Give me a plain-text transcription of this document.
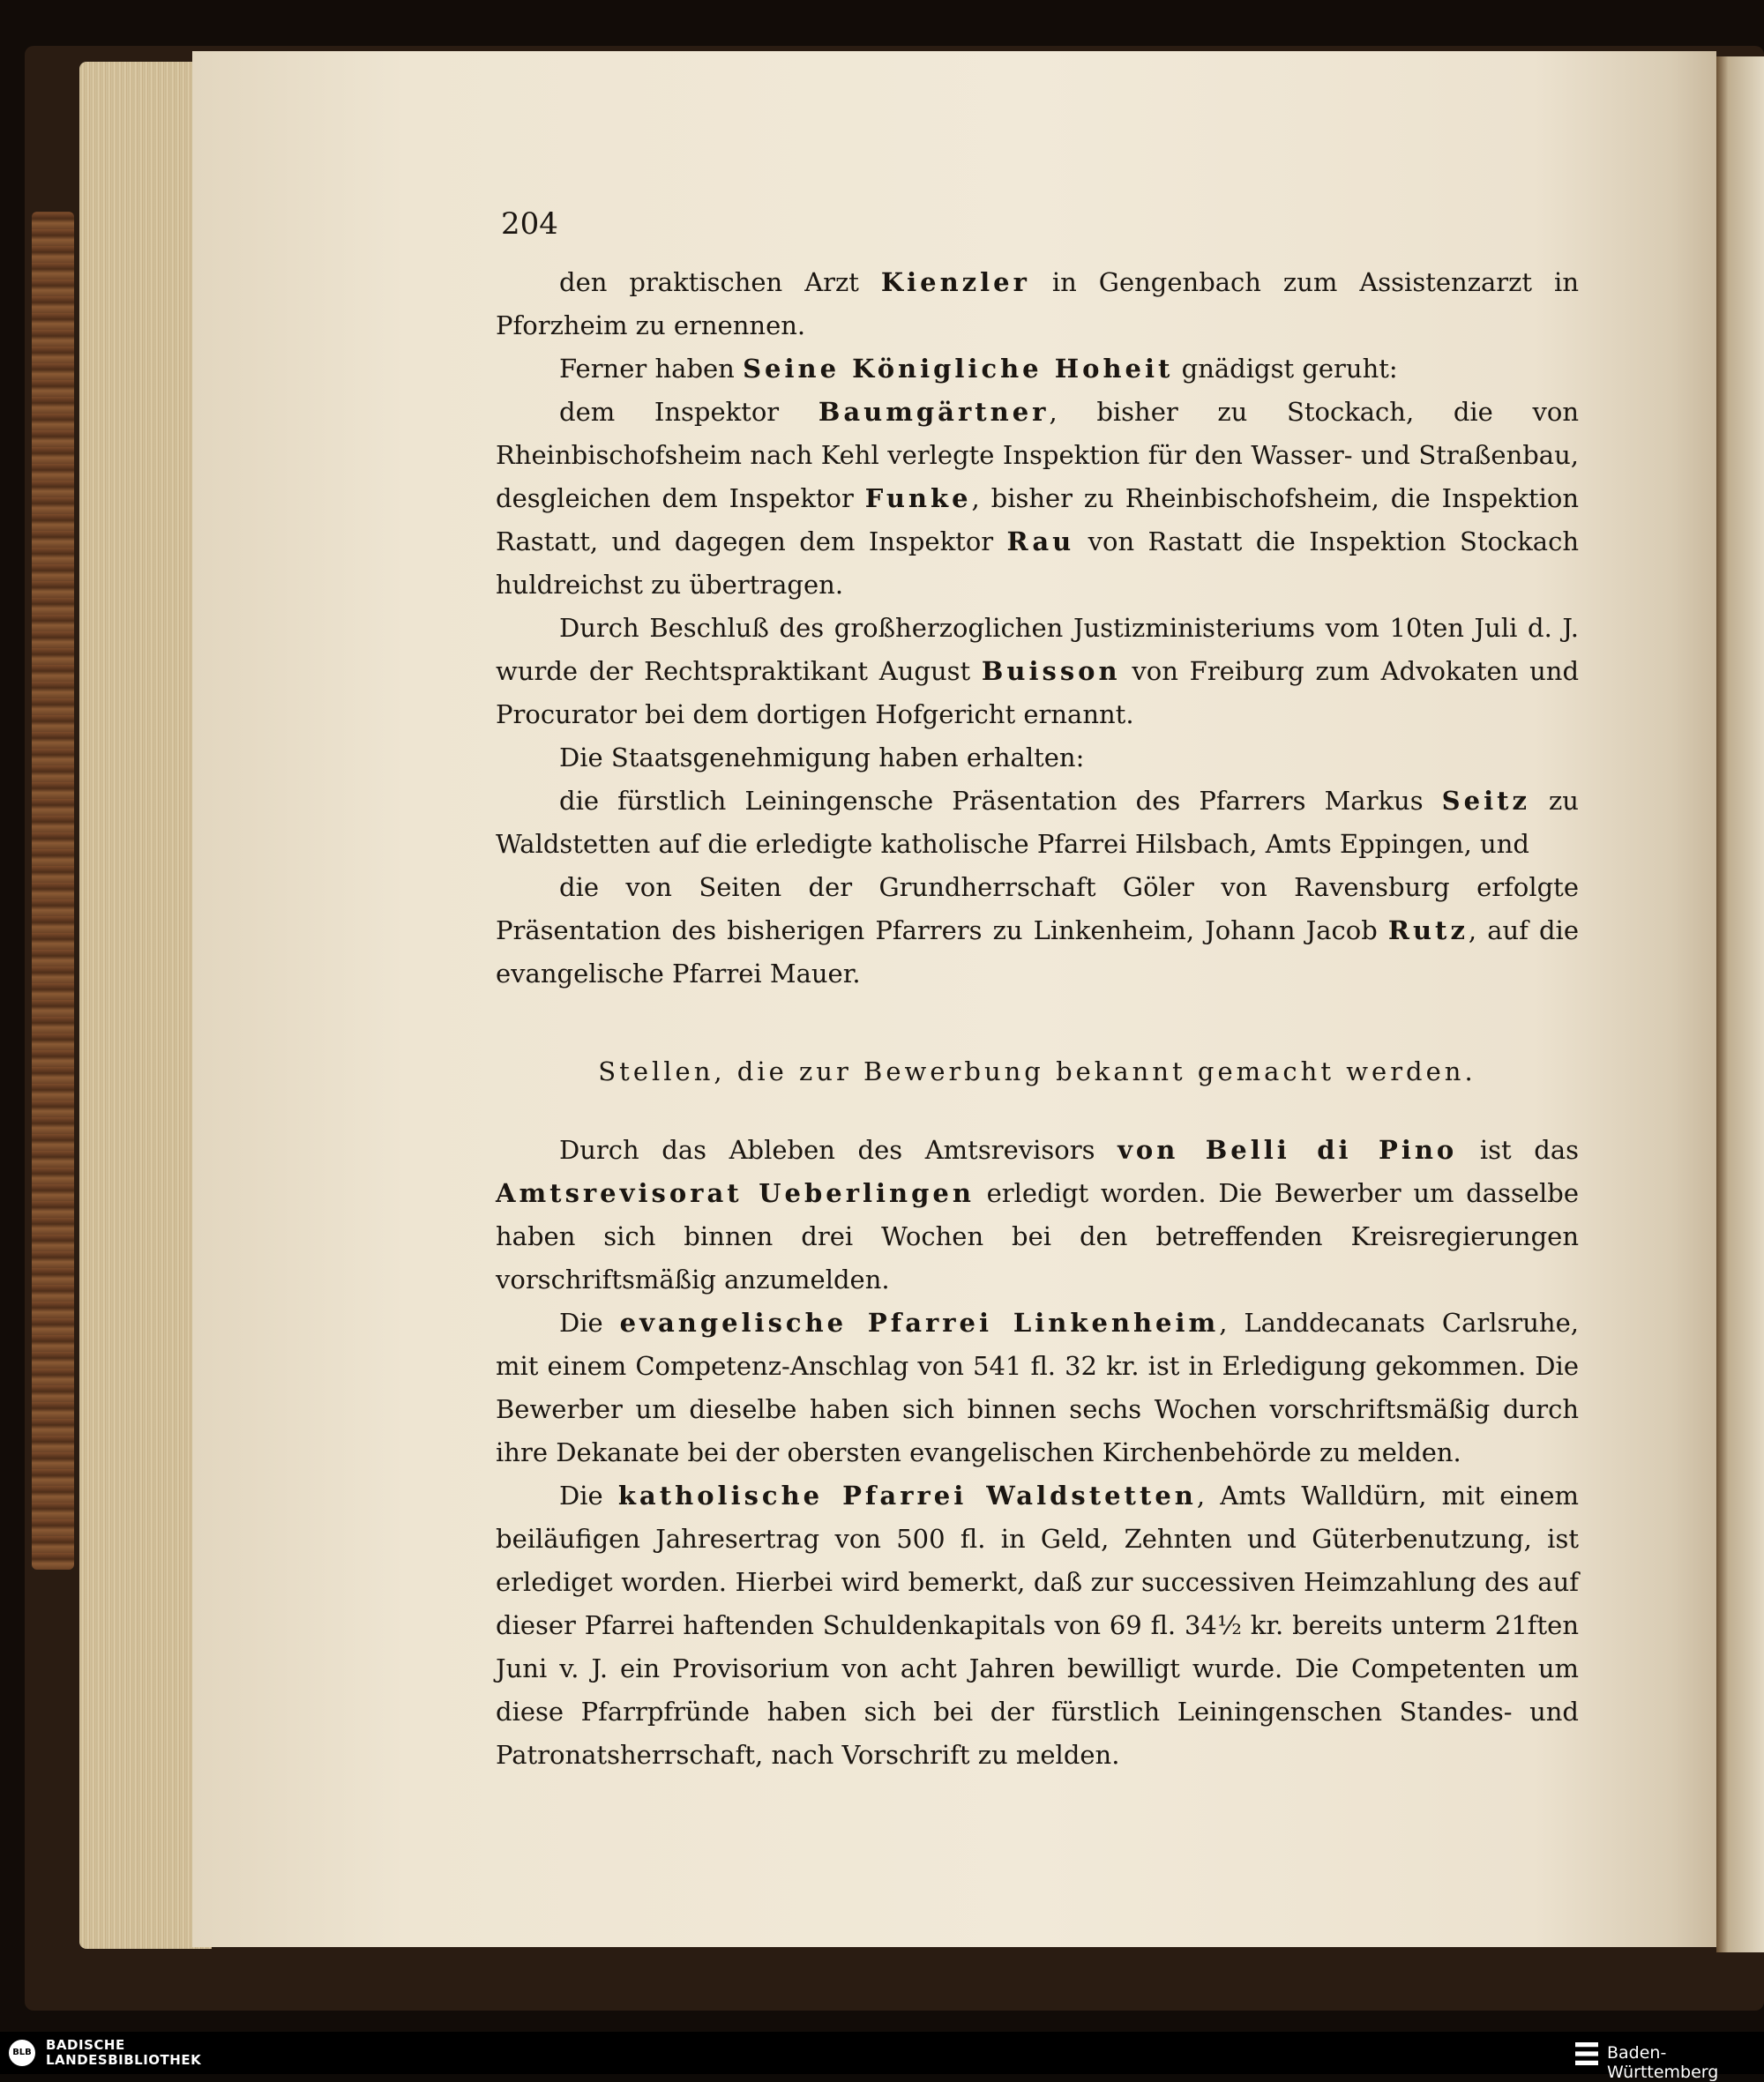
204

den praktischen Arzt Kienzler in Gengenbach zum Assistenzarzt in Pforzheim zu ernennen.

Ferner haben Seine Königliche Hoheit gnädigst geruht:

dem Inspektor Baumgärtner, bisher zu Stockach, die von Rheinbischofsheim nach Kehl verlegte Inspektion für den Wasser- und Straßenbau, desgleichen dem Inspektor Funke, bisher zu Rheinbischofsheim, die Inspektion Rastatt, und dagegen dem Inspektor Rau von Rastatt die Inspektion Stockach huldreichst zu übertragen.

Durch Beschluß des großherzoglichen Justizministeriums vom 10ten Juli d. J. wurde der Rechtspraktikant August Buisson von Freiburg zum Advokaten und Procurator bei dem dortigen Hofgericht ernannt.

Die Staatsgenehmigung haben erhalten:

die fürstlich Leiningensche Präsentation des Pfarrers Markus Seitz zu Waldstetten auf die erledigte katholische Pfarrei Hilsbach, Amts Eppingen, und

die von Seiten der Grundherrschaft Göler von Ravensburg erfolgte Präsentation des bisherigen Pfarrers zu Linkenheim, Johann Jacob Rutz, auf die evangelische Pfarrei Mauer.

Stellen, die zur Bewerbung bekannt gemacht werden.

Durch das Ableben des Amtsrevisors von Belli di Pino ist das Amtsrevisorat Ueberlingen erledigt worden. Die Bewerber um dasselbe haben sich binnen drei Wochen bei den betreffenden Kreisregierungen vorschriftsmäßig anzumelden.

Die evangelische Pfarrei Linkenheim, Landdecanats Carlsruhe, mit einem Competenz-Anschlag von 541 fl. 32 kr. ist in Erledigung gekommen. Die Bewerber um dieselbe haben sich binnen sechs Wochen vorschriftsmäßig durch ihre Dekanate bei der obersten evangelischen Kirchenbehörde zu melden.

Die katholische Pfarrei Waldstetten, Amts Walldürn, mit einem beiläufigen Jahresertrag von 500 fl. in Geld, Zehnten und Güterbenutzung, ist erlediget worden. Hierbei wird bemerkt, daß zur successiven Heimzahlung des auf dieser Pfarrei haftenden Schuldenkapitals von 69 fl. 34½ kr. bereits unterm 21ften Juni v. J. ein Provisorium von acht Jahren bewilligt wurde. Die Competenten um diese Pfarrpfründe haben sich bei der fürstlich Leiningenschen Standes- und Patronatsherrschaft, nach Vorschrift zu melden.

BLB BADISCHE
LANDESBIBLIOTHEK	Baden-Württemberg
